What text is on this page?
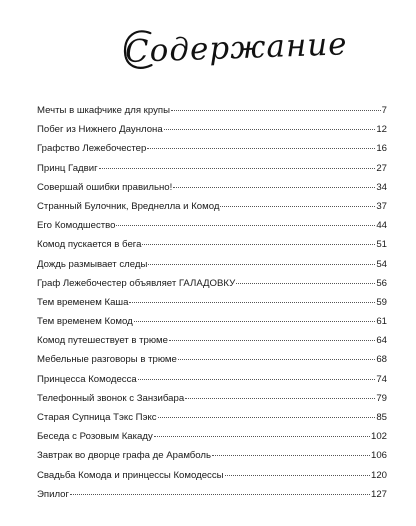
Содержание
Мечты в шкафчике для крупы	7
Побег из Нижнего Даунлона	12
Графство Лежебочестер	16
Принц Гадвиг	27
Совершай ошибки правильно!	34
Странный Булочник, Вреднелла и Комод	37
Его Комодшество	44
Комод пускается в бега	51
Дождь размывает следы	54
Граф Лежебочестер объявляет ГАЛАДОВКУ	56
Тем временем Каша	59
Тем временем Комод	61
Комод путешествует в трюме	64
Мебельные разговоры в трюме	68
Принцесса Комодесса	74
Телефонный звонок с Занзибара	79
Старая Супница Тэкс Пэкс	85
Беседа с Розовым Какаду	102
Завтрак во дворце графа де Арамболь	106
Свадьба Комода и принцессы Комодессы	120
Эпилог	127
